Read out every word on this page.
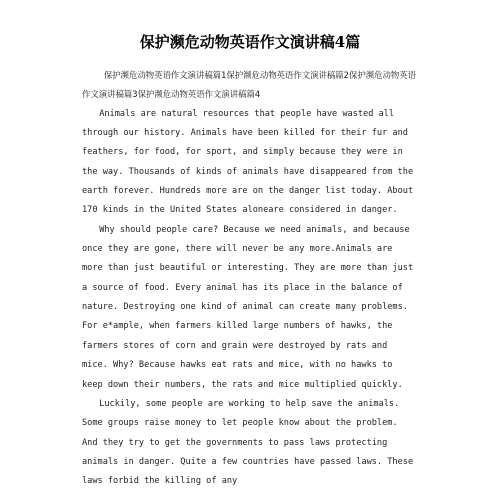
保护濒危动物英语作文演讲稿4篇

保护濒危动物英语作文演讲稿篇1保护濒危动物英语作文演讲稿篇2保护濒危动物英语作文演讲稿篇3保护濒危动物英语作文演讲稿篇4

Animals are natural resources that people have wasted all through our history. Animals have been killed for their fur and feathers, for food, for sport, and simply because they were in the way. Thousands of kinds of animals have disappeared from the earth forever. Hundreds more are on the danger list today. About 170 kinds in the United States aloneare considered in danger.

Why should people care? Because we need animals, and because once they are gone, there will never be any more.Animals are more than just beautiful or interesting. They are more than just a source of food. Every animal has its place in the balance of nature. Destroying one kind of animal can create many problems. For e*ample, when farmers killed large numbers of hawks, the farmers stores of corn and grain were destroyed by rats and mice. Why? Because hawks eat rats and mice, with no hawks to keep down their numbers, the rats and mice multiplied quickly.

Luckily, some people are working to help save the animals. Some groups raise money to let people know about the problem. And they try to get the governments to pass laws protecting animals in danger. Quite a few countries have passed laws. These laws forbid the killing of any
